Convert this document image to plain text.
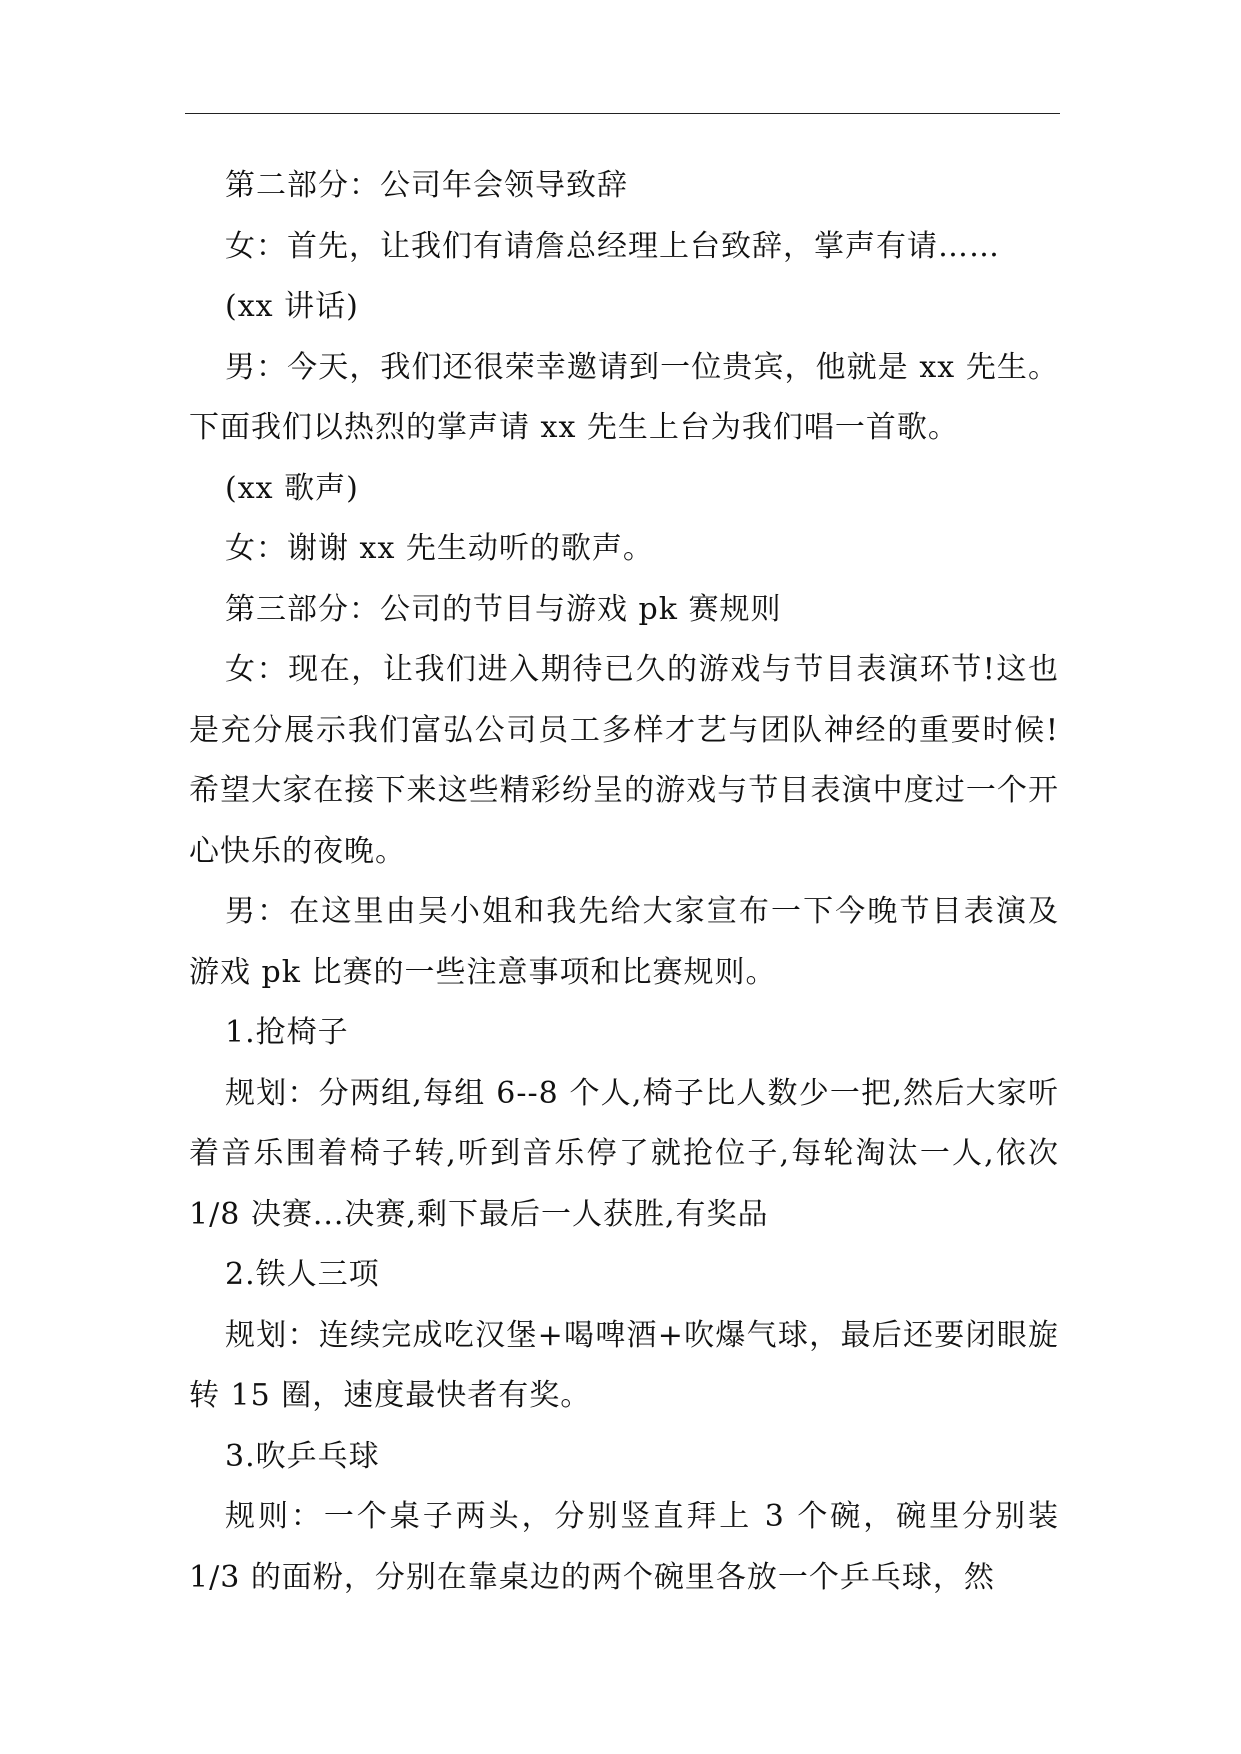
第二部分：公司年会领导致辞

女：首先，让我们有请詹总经理上台致辞，掌声有请……

(xx 讲话)

男：今天，我们还很荣幸邀请到一位贵宾，他就是 xx 先生。下面我们以热烈的掌声请 xx 先生上台为我们唱一首歌。

(xx 歌声)

女：谢谢 xx 先生动听的歌声。

第三部分：公司的节目与游戏 pk 赛规则

女：现在，让我们进入期待已久的游戏与节目表演环节!这也是充分展示我们富弘公司员工多样才艺与团队神经的重要时候!希望大家在接下来这些精彩纷呈的游戏与节目表演中度过一个开心快乐的夜晚。

男：在这里由吴小姐和我先给大家宣布一下今晚节目表演及游戏 pk 比赛的一些注意事项和比赛规则。

1.抢椅子

规划：分两组,每组 6--8 个人,椅子比人数少一把,然后大家听着音乐围着椅子转,听到音乐停了就抢位子,每轮淘汰一人,依次 1/8 决赛...决赛,剩下最后一人获胜,有奖品

2.铁人三项

规划：连续完成吃汉堡+喝啤酒+吹爆气球，最后还要闭眼旋转 15 圈，速度最快者有奖。

3.吹乒乓球

规则：一个桌子两头，分别竖直拜上 3 个碗，碗里分别装 1/3 的面粉，分别在靠桌边的两个碗里各放一个乒乓球，然
